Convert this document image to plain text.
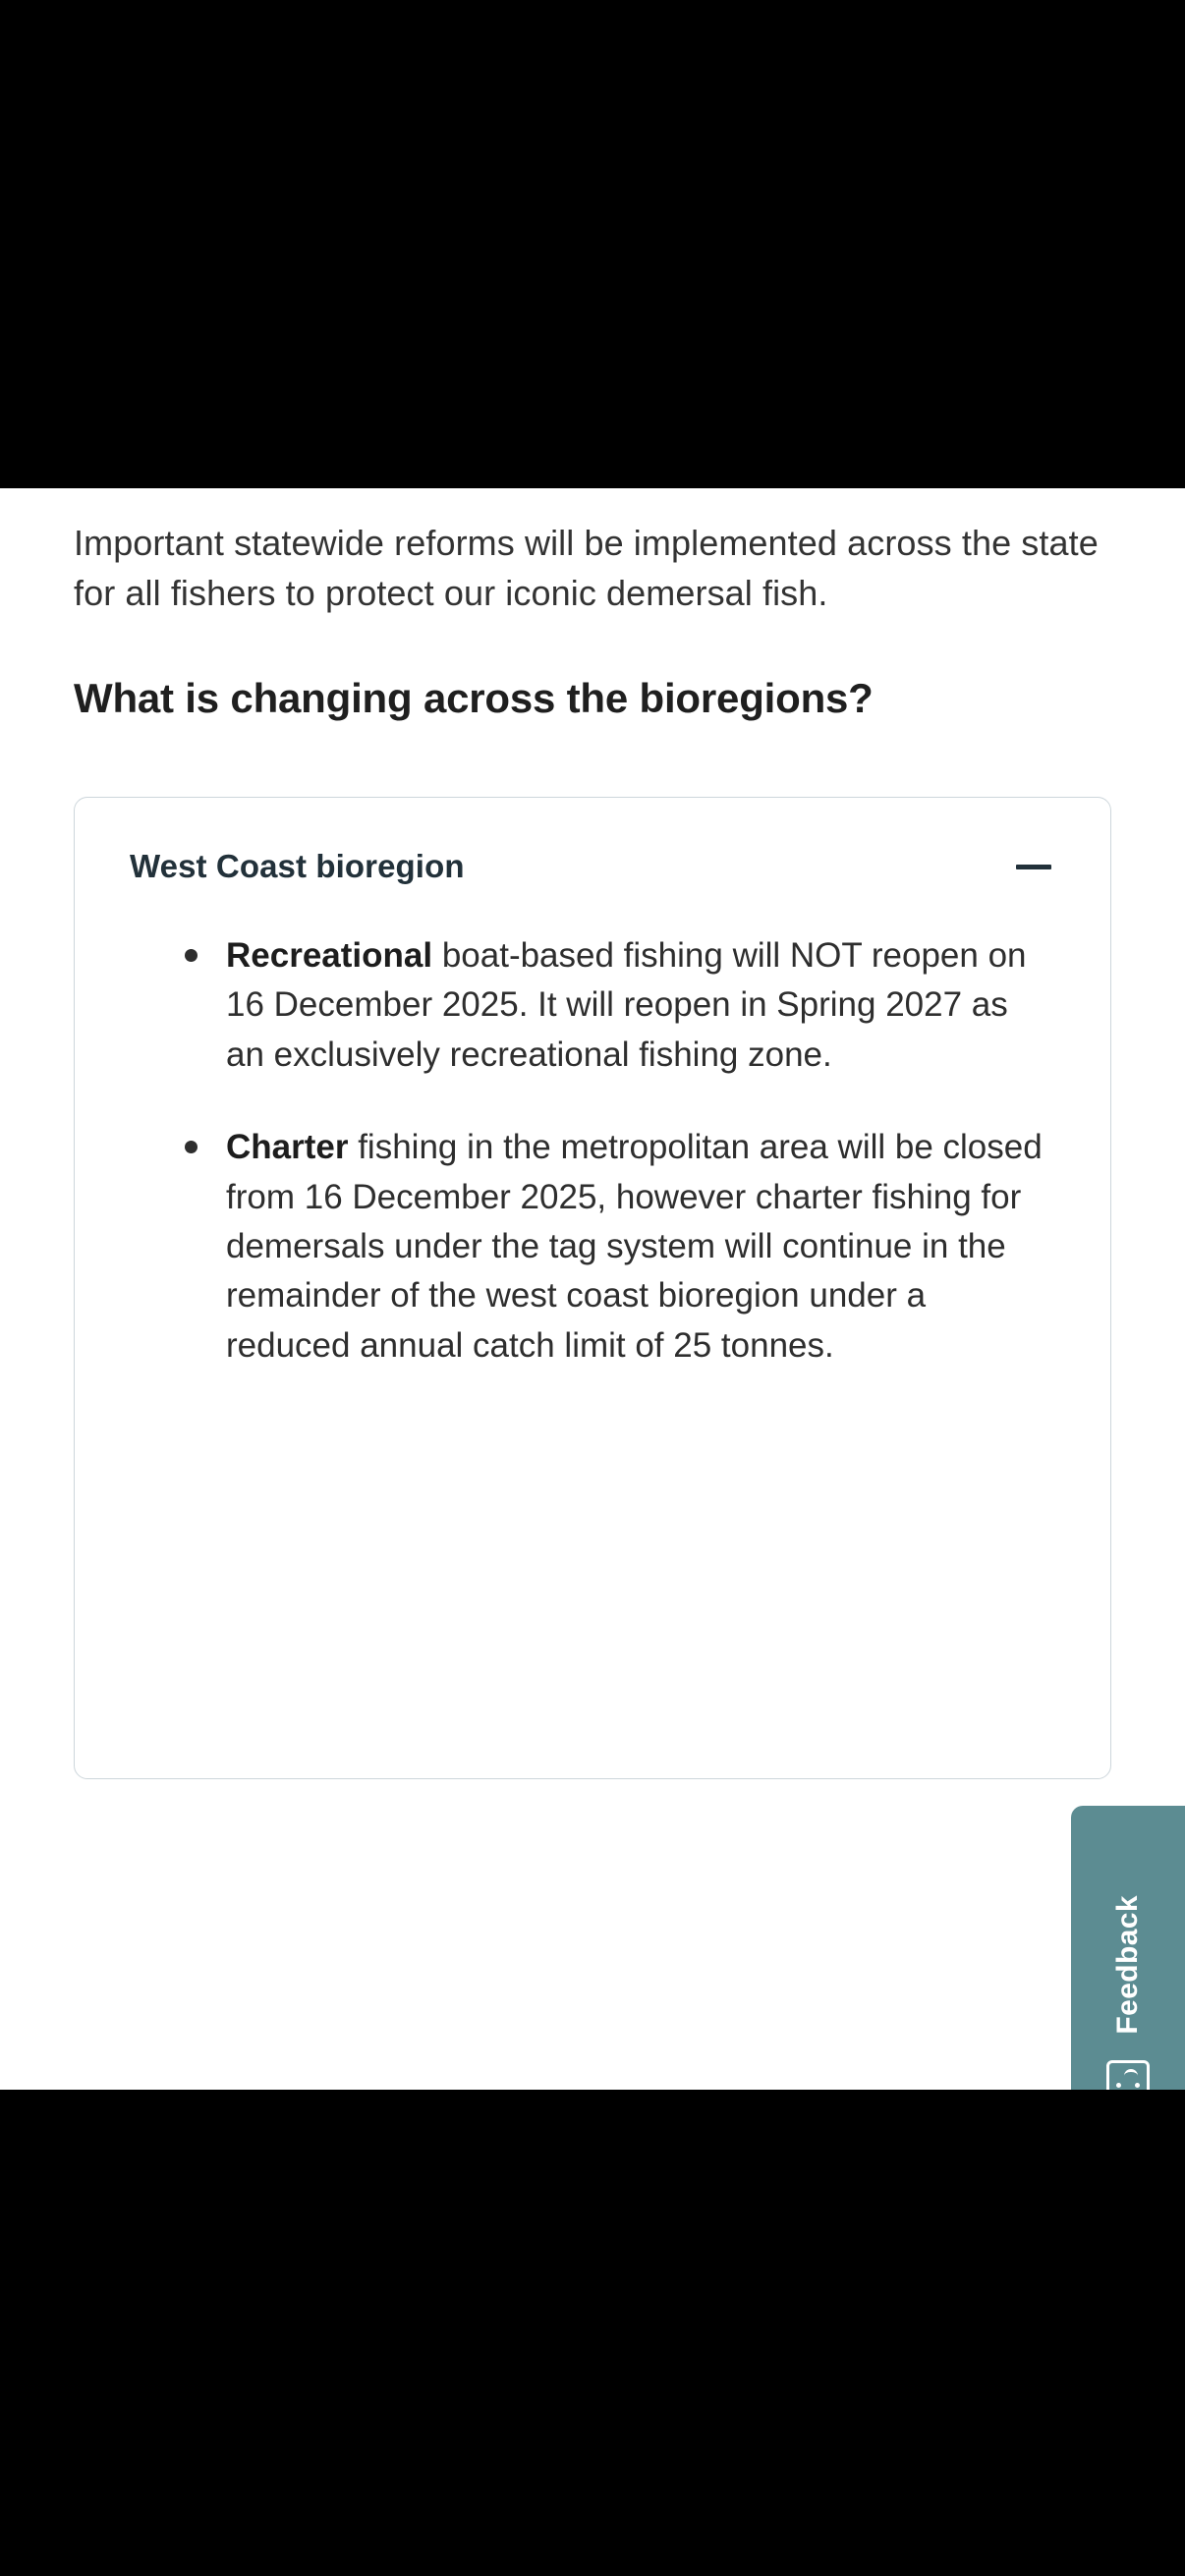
Important statewide reforms will be implemented across the state for all fishers to protect our iconic demersal fish.

What is changing across the bioregions?
West Coast bioregion
Recreational boat-based fishing will NOT reopen on 16 December 2025. It will reopen in Spring 2027 as an exclusively recreational fishing zone.
Charter fishing in the metropolitan area will be closed from 16 December 2025, however charter fishing for demersals under the tag system will continue in the remainder of the west coast bioregion under a reduced annual catch limit of 25 tonnes.
Feedback
